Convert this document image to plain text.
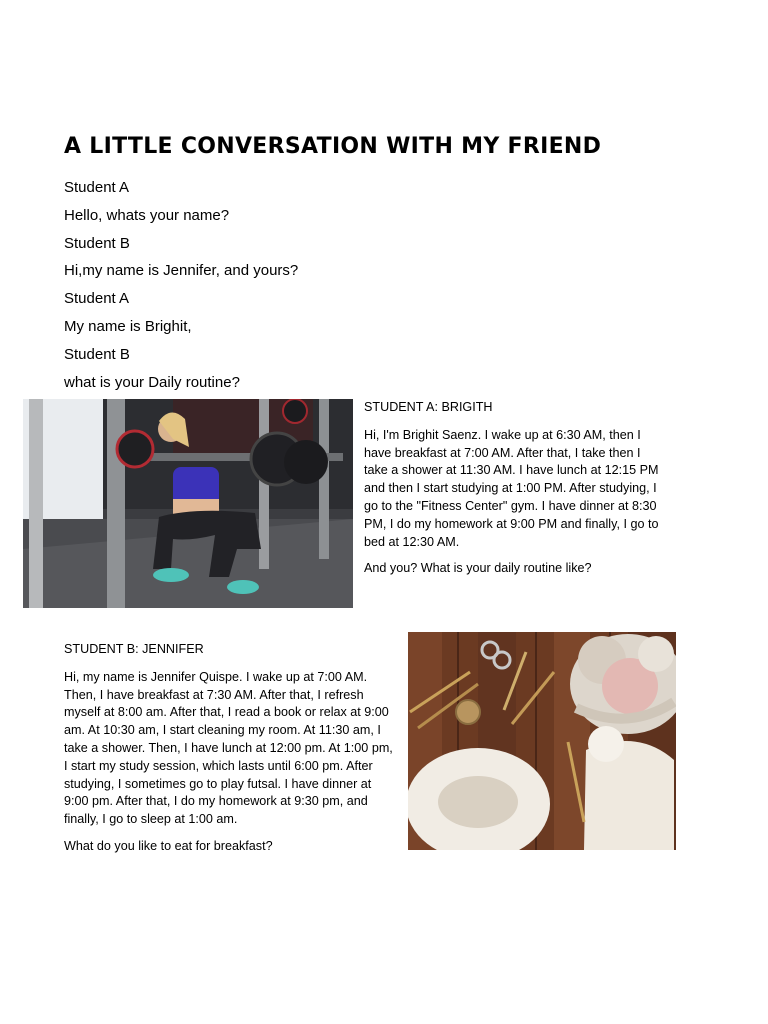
A LITTLE CONVERSATION WITH MY FRIEND
Student A
Hello, whats your name?
Student B
Hi,my name is Jennifer, and yours?
Student A
My name is Brighit,
Student B
what is your Daily routine?

STUDENT A: BRIGITH

Hi, I'm Brighit Saenz. I wake up at 6:30 AM, then I have breakfast at 7:00 AM. After that, I take then I take a shower at 11:30 AM. I have lunch at 12:15 PM and then I start studying at 1:00 PM. After studying, I go to the "Fitness Center" gym. I have dinner at 8:30 PM, I do my homework at 9:00 PM and finally, I go to bed at 12:30 AM.

And you? What is your daily routine like?

STUDENT B: JENNIFER

Hi, my name is Jennifer Quispe. I wake up at 7:00 AM. Then, I have breakfast at 7:30 AM. After that, I refresh myself at 8:00 am. After that, I read a book or relax at 9:00 am. At 10:30 am, I start cleaning my room. At 11:30 am, I take a shower. Then, I have lunch at 12:00 pm. At 1:00 pm, I start my study session, which lasts until 6:00 pm. After studying, I sometimes go to play futsal. I have dinner at 9:00 pm. After that, I do my homework at 9:30 pm, and finally, I go to sleep at 1:00 am.

What do you like to eat for breakfast?
